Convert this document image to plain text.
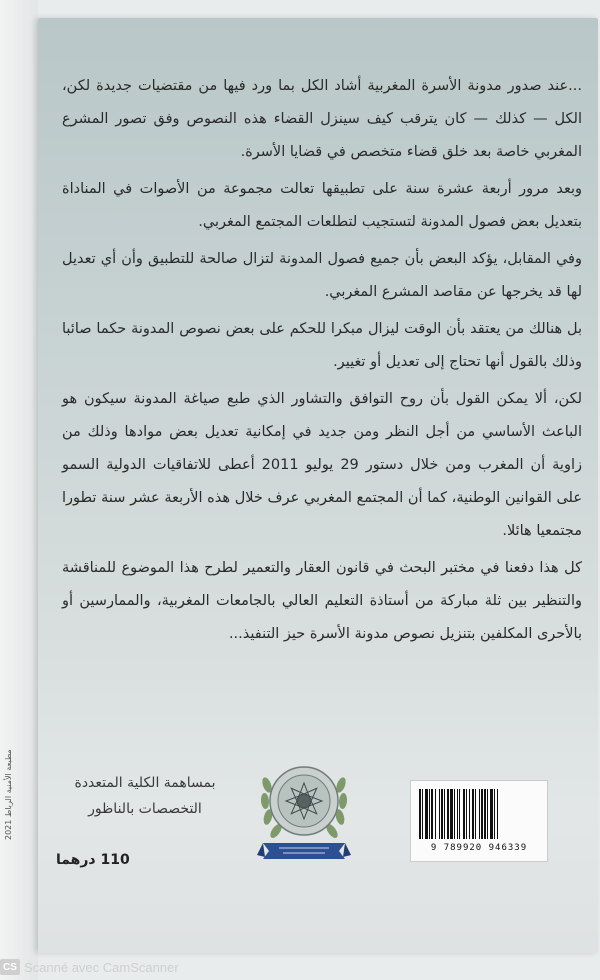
مطبعة الأمنية الرباط 2021

...عند صدور مدونة الأسرة المغربية أشاد الكل بما ورد فيها من مقتضيات جديدة لكن، الكل — كذلك — كان يترقب كيف سينزل القضاء هذه النصوص وفق تصور المشرع المغربي خاصة بعد خلق قضاء متخصص في قضايا الأسرة.

وبعد مرور أربعة عشرة سنة على تطبيقها تعالت مجموعة من الأصوات في المناداة بتعديل بعض فصول المدونة لتستجيب لتطلعات المجتمع المغربي.

وفي المقابل، يؤكد البعض بأن جميع فصول المدونة لتزال صالحة للتطبيق وأن أي تعديل لها قد يخرجها عن مقاصد المشرع المغربي.

بل هنالك من يعتقد بأن الوقت ليزال مبكرا للحكم على بعض نصوص المدونة حكما صائبا وذلك بالقول أنها تحتاج إلى تعديل أو تغيير.

لكن، ألا يمكن القول بأن روح التوافق والتشاور الذي طبع صياغة المدونة سيكون هو الباعث الأساسي من أجل النظر ومن جديد في إمكانية تعديل بعض موادها وذلك من زاوية أن المغرب ومن خلال دستور 29 يوليو 2011 أعطى للاتفاقيات الدولية السمو على القوانين الوطنية، كما أن المجتمع المغربي عرف خلال هذه الأربعة عشر سنة تطورا مجتمعيا هائلا.

كل هذا دفعنا في مختبر البحث في قانون العقار والتعمير لطرح هذا الموضوع للمناقشة والتنظير بين ثلة مباركة من أستاذة التعليم العالي بالجامعات المغربية، والممارسين أو بالأحرى المكلفين بتنزيل نصوص مدونة الأسرة حيز التنفيذ...

بمساهمة الكلية المتعددة
التخصصات بالناظور
110 درهما
9 789920 946339
CS Scanné avec CamScanner
